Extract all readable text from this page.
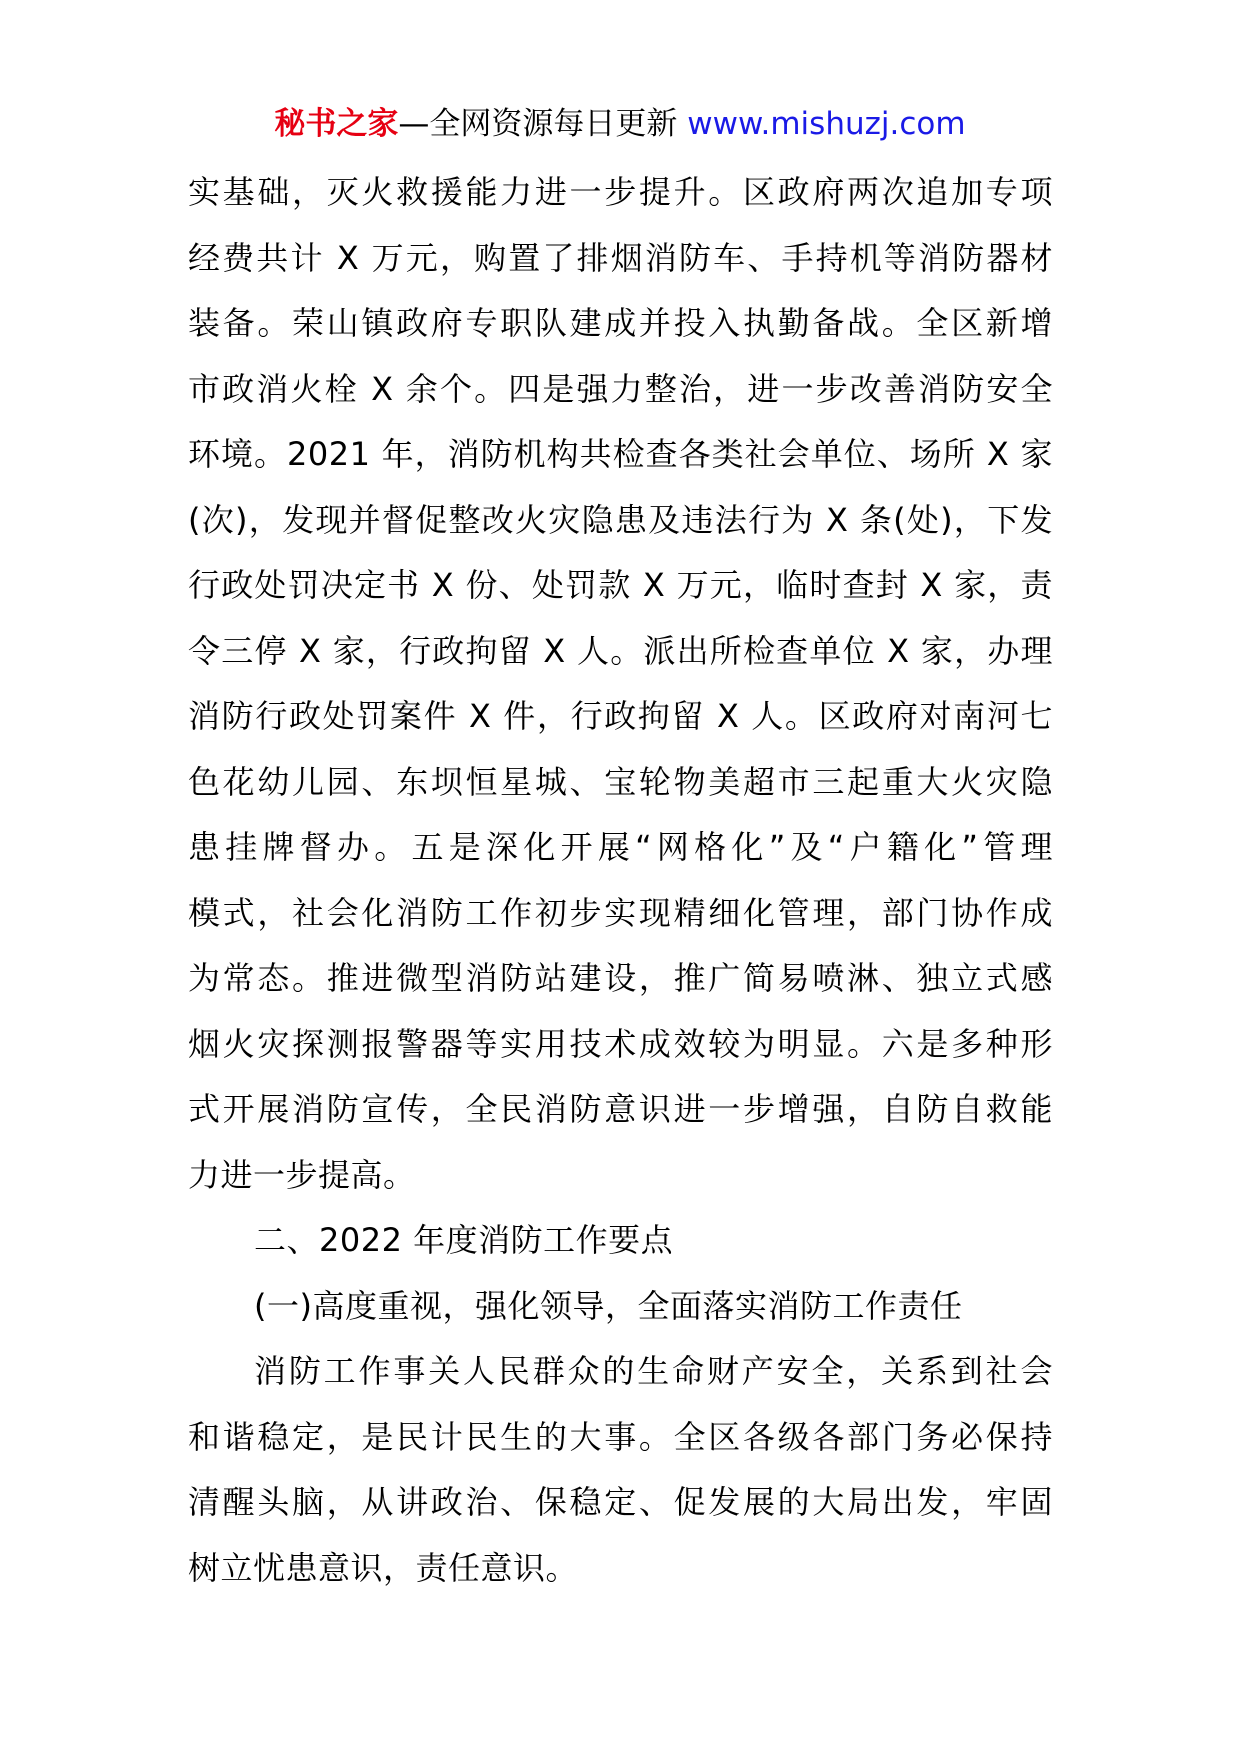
秘书之家—全网资源每日更新 www.mishuzj.com
实基础，灭火救援能力进一步提升。区政府两次追加专项
经费共计 X 万元，购置了排烟消防车、手持机等消防器材
装备。荣山镇政府专职队建成并投入执勤备战。全区新增
市政消火栓 X 余个。四是强力整治，进一步改善消防安全
环境。2021 年，消防机构共检查各类社会单位、场所 X 家
(次)，发现并督促整改火灾隐患及违法行为 X 条(处)，下发
行政处罚决定书 X 份、处罚款 X 万元，临时查封 X 家，责
令三停 X 家，行政拘留 X 人。派出所检查单位 X 家，办理
消防行政处罚案件 X 件，行政拘留 X 人。区政府对南河七
色花幼儿园、东坝恒星城、宝轮物美超市三起重大火灾隐
患挂牌督办。五是深化开展“网格化”及“户籍化”管理
模式，社会化消防工作初步实现精细化管理，部门协作成
为常态。推进微型消防站建设，推广简易喷淋、独立式感
烟火灾探测报警器等实用技术成效较为明显。六是多种形
式开展消防宣传，全民消防意识进一步增强，自防自救能
力进一步提高。
二、2022 年度消防工作要点
(一)高度重视，强化领导，全面落实消防工作责任
消防工作事关人民群众的生命财产安全，关系到社会
和谐稳定，是民计民生的大事。全区各级各部门务必保持
清醒头脑，从讲政治、保稳定、促发展的大局出发，牢固
树立忧患意识，责任意识。
